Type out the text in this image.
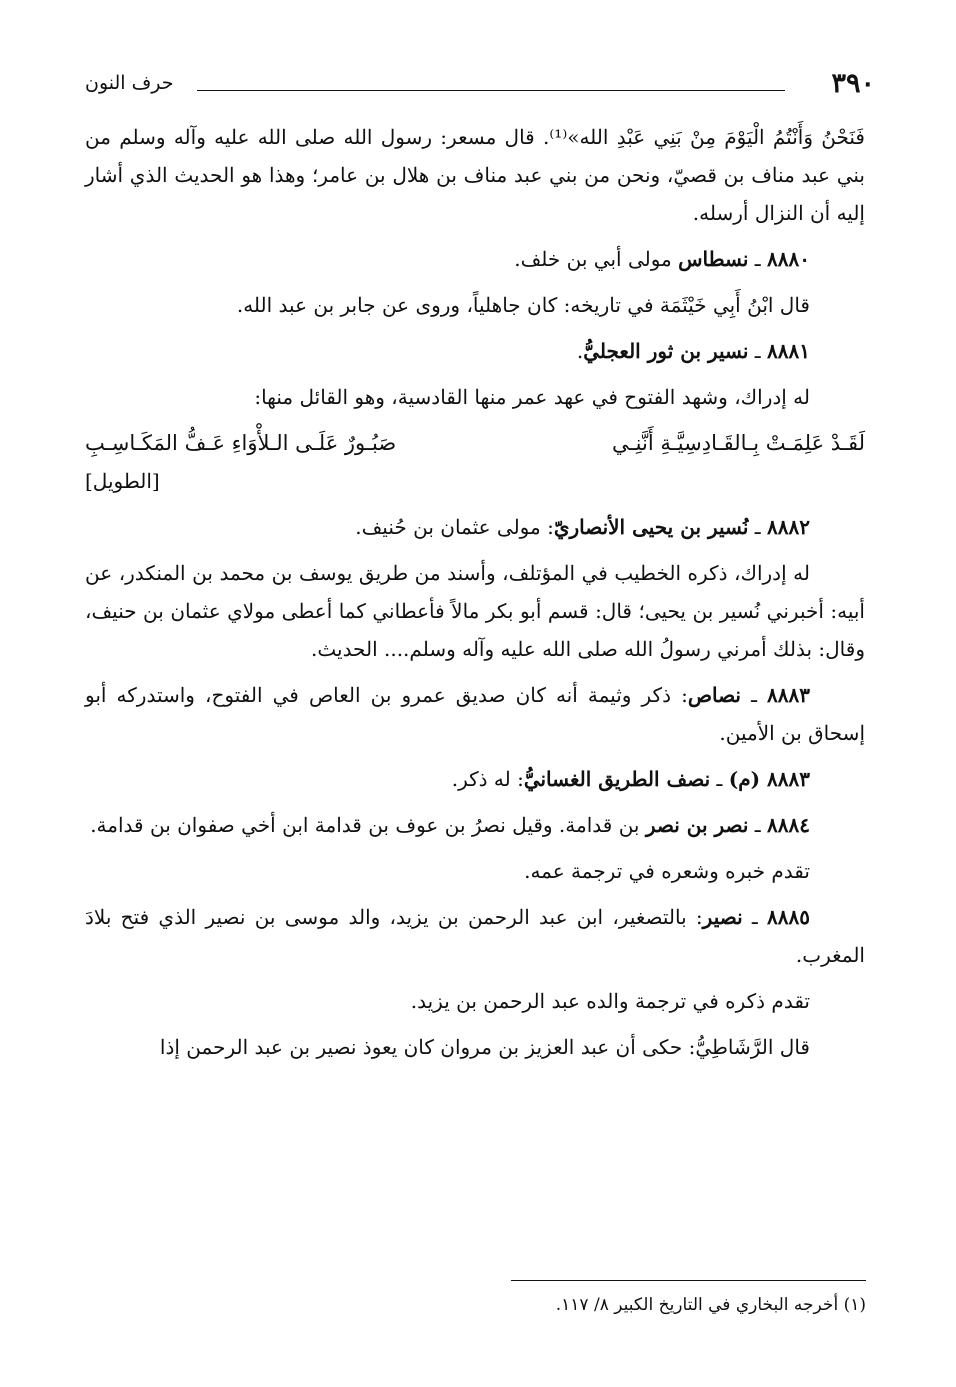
٣٩٠
حرف النون

فَنَحْنُ وَأَنْتُمُ الْيَوْمَ مِنْ بَنِي عَبْدِ الله»⁽¹⁾. قال مسعر: رسول الله صلى الله عليه وآله وسلم من بني عبد مناف بن قصيّ، ونحن من بني عبد مناف بن هلال بن عامر؛ وهذا هو الحديث الذي أشار إليه أن النزال أرسله.

٨٨٨٠ ـ نسطاس مولى أبي بن خلف.

قال ابْنُ أَبِي خَيْثَمَة في تاريخه: كان جاهلياً، وروى عن جابر بن عبد الله.

٨٨٨١ ـ نسير بن ثور العجليُّ.

له إدراك، وشهد الفتوح في عهد عمر منها القادسية، وهو القائل منها:

لَقَـدْ عَلِمَـتْ بِـالقَـادِسِيَّـةِ أَنَّنِـي
صَبُـورٌ عَلَـى الـلأْوَاءِ عَـفُّ المَكَـاسِـبِ
[الطويل]

٨٨٨٢ ـ نُسير بن يحيى الأنصاريّ: مولى عثمان بن حُنيف.

له إدراك، ذكره الخطيب في المؤتلف، وأسند من طريق يوسف بن محمد بن المنكدر، عن أبيه: أخبرني نُسير بن يحيى؛ قال: قسم أبو بكر مالاً فأعطاني كما أعطى مولاي عثمان بن حنيف، وقال: بذلك أمرني رسولُ الله صلى الله عليه وآله وسلم.... الحديث.

٨٨٨٣ ـ نصاص: ذكر وثيمة أنه كان صديق عمرو بن العاص في الفتوح، واستدركه أبو إسحاق بن الأمين.

٨٨٨٣ (م) ـ نصف الطريق الغسانيُّ: له ذكر.

٨٨٨٤ ـ نصر بن نصر بن قدامة. وقيل نصرُ بن عوف بن قدامة ابن أخي صفوان بن قدامة.

تقدم خبره وشعره في ترجمة عمه.

٨٨٨٥ ـ نصير: بالتصغير، ابن عبد الرحمن بن يزيد، والد موسى بن نصير الذي فتح بلادَ المغرب.

تقدم ذكره في ترجمة والده عبد الرحمن بن يزيد.

قال الرَّشَاطِيُّ: حكى أن عبد العزيز بن مروان كان يعوذ نصير بن عبد الرحمن إذا

(١) أخرجه البخاري في التاريخ الكبير ٨/ ١١٧.
